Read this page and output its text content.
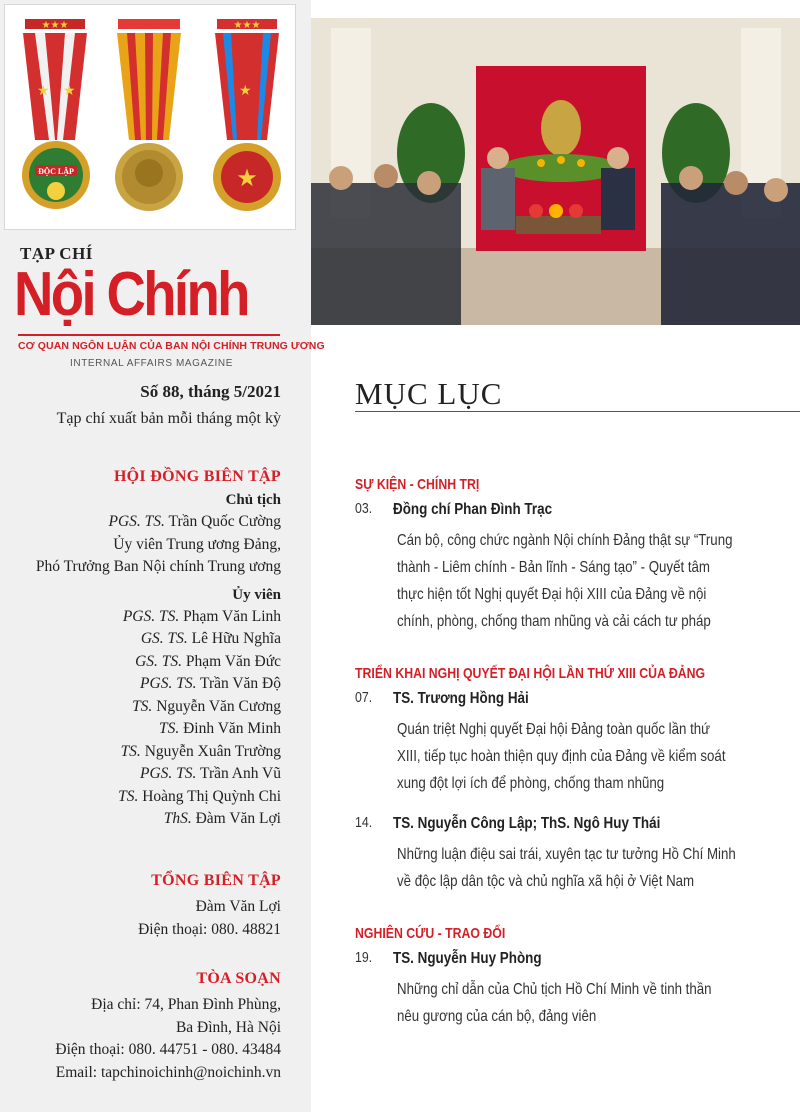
★★★
★ ★
ĐỘC LẬP
★★★
★
★
TẠP CHÍ
Nội Chính
CƠ QUAN NGÔN LUẬN CỦA BAN NỘI CHÍNH TRUNG ƯƠNG
INTERNAL AFFAIRS MAGAZINE
Số 88, tháng 5/2021
Tạp chí xuất bản mỗi tháng một kỳ
HỘI ĐỒNG BIÊN TẬP
Chủ tịch
PGS. TS. Trần Quốc Cường
Ủy viên Trung ương Đảng,
Phó Trưởng Ban Nội chính Trung ương
Ủy viên
PGS. TS. Phạm Văn Linh
GS. TS. Lê Hữu Nghĩa
GS. TS. Phạm Văn Đức
PGS. TS. Trần Văn Độ
TS. Nguyễn Văn Cương
TS. Đinh Văn Minh
TS. Nguyễn Xuân Trường
PGS. TS. Trần Anh Vũ
TS. Hoàng Thị Quỳnh Chi
ThS. Đàm Văn Lợi
TỔNG BIÊN TẬP
Đàm Văn Lợi
Điện thoại: 080. 48821
TÒA SOẠN
Địa chỉ: 74, Phan Đình Phùng,
Ba Đình, Hà Nội
Điện thoại: 080. 44751 - 080. 43484
Email: tapchinoichinh@noichinh.vn
MỤC LỤC
SỰ KIỆN - CHÍNH TRỊ
03.	Đồng chí Phan Đình Trạc
Cán bộ, công chức ngành Nội chính Đảng thật sự “Trung
thành - Liêm chính - Bản lĩnh - Sáng tạo” - Quyết tâm
thực hiện tốt Nghị quyết Đại hội XIII của Đảng về nội
chính, phòng, chống tham nhũng và cải cách tư pháp
TRIỂN KHAI NGHỊ QUYẾT ĐẠI HỘI LẦN THỨ XIII CỦA ĐẢNG
07.	TS. Trương Hồng Hải
Quán triệt Nghị quyết Đại hội Đảng toàn quốc lần thứ
XIII, tiếp tục hoàn thiện quy định của Đảng về kiểm soát
xung đột lợi ích để phòng, chống tham nhũng
14.	TS. Nguyễn Công Lập; ThS. Ngô Huy Thái
Những luận điệu sai trái, xuyên tạc tư tưởng Hồ Chí Minh
về độc lập dân tộc và chủ nghĩa xã hội ở Việt Nam
NGHIÊN CỨU - TRAO ĐỔI
19.	TS. Nguyễn Huy Phòng
Những chỉ dẫn của Chủ tịch Hồ Chí Minh về tinh thần
nêu gương của cán bộ, đảng viên
